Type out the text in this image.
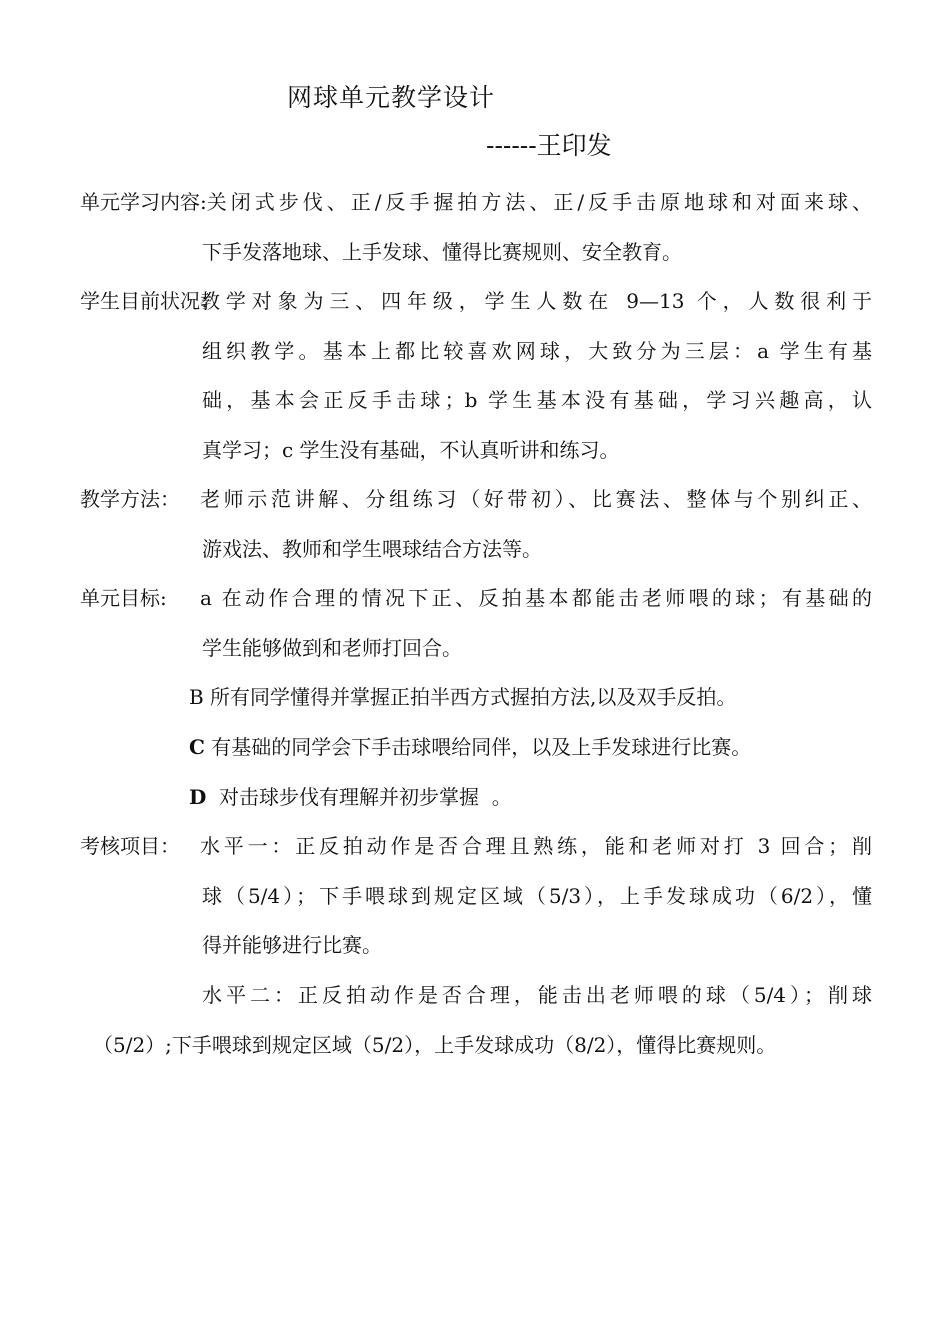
网球单元教学设计
------王印发
单元学习内容: 关闭式步伐、正/反手握拍方法、正/反手击原地球和对面来球、
下手发落地球、上手发球、懂得比赛规则、安全教育。
学生目前状况：
教学对象为三、四年级，学生人数在 9—13 个，人数很利于
组织教学。基本上都比较喜欢网球，大致分为三层：a 学生有基
础，基本会正反手击球；b 学生基本没有基础，学习兴趣高，认
真学习；c 学生没有基础，不认真听讲和练习。
教学方法：	老师示范讲解、分组练习（好带初）、比赛法、整体与个别纠正、
游戏法、教师和学生喂球结合方法等。
单元目标:	a 在动作合理的情况下正、反拍基本都能击老师喂的球；有基础的
学生能够做到和老师打回合。
B 所有同学懂得并掌握正拍半西方式握拍方法,以及双手反拍。
C 有基础的同学会下手击球喂给同伴，以及上手发球进行比赛。
D  对击球步伐有理解并初步掌握  。
考核项目：	水平一：正反拍动作是否合理且熟练，能和老师对打 3 回合；削
球（5/4）；下手喂球到规定区域（5/3），上手发球成功（6/2），懂
得并能够进行比赛。
水平二：正反拍动作是否合理，能击出老师喂的球（5/4）；削球
（5/2）;下手喂球到规定区域（5/2），上手发球成功（8/2），懂得比赛规则。
